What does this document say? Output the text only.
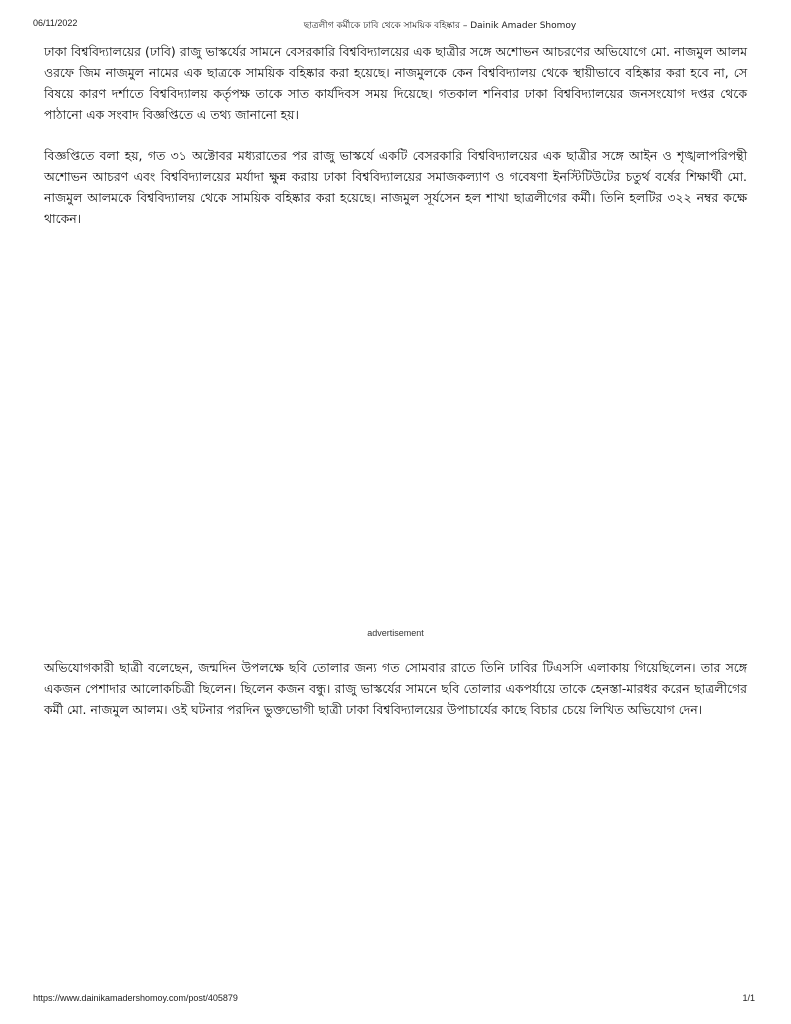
06/11/2022	ছাত্রলীগ কর্মীকে ঢাবি থেকে সাময়িক বহিষ্কার – Dainik Amader Shomoy

ঢাকা বিশ্ববিদ্যালয়ের (ঢাবি) রাজু ভাস্কর্যের সামনে বেসরকারি বিশ্ববিদ্যালয়ের এক ছাত্রীর সঙ্গে অশোভন আচরণের অভিযোগে মো. নাজমুল আলম ওরফে জিম নাজমুল নামের এক ছাত্রকে সাময়িক বহিষ্কার করা হয়েছে। নাজমুলকে কেন বিশ্ববিদ্যালয় থেকে স্থায়ীভাবে বহিষ্কার করা হবে না, সে বিষয়ে কারণ দর্শাতে বিশ্ববিদ্যালয় কর্তৃপক্ষ তাকে সাত কার্যদিবস সময় দিয়েছে। গতকাল শনিবার ঢাকা বিশ্ববিদ্যালয়ের জনসংযোগ দপ্তর থেকে পাঠানো এক সংবাদ বিজ্ঞপ্তিতে এ তথ্য জানানো হয়।

বিজ্ঞপ্তিতে বলা হয়, গত ৩১ অক্টোবর মধ্যরাতের পর রাজু ভাস্কর্যে একটি বেসরকারি বিশ্ববিদ্যালয়ের এক ছাত্রীর সঙ্গে আইন ও শৃঙ্খলাপরিপন্থী অশোভন আচরণ এবং বিশ্ববিদ্যালয়ের মর্যাদা ক্ষুন্ন করায় ঢাকা বিশ্ববিদ্যালয়ের সমাজকল্যাণ ও গবেষণা ইনস্টিটিউটের চতুর্থ বর্ষের শিক্ষার্থী মো. নাজমুল আলমকে বিশ্ববিদ্যালয় থেকে সাময়িক বহিষ্কার করা হয়েছে। নাজমুল সূর্যসেন হল শাখা ছাত্রলীগের কর্মী। তিনি হলটির ৩২২ নম্বর কক্ষে থাকেন।

advertisement

অভিযোগকারী ছাত্রী বলেছেন, জন্মদিন উপলক্ষে ছবি তোলার জন্য গত সোমবার রাতে তিনি ঢাবির টিএসসি এলাকায় গিয়েছিলেন। তার সঙ্গে একজন পেশাদার আলোকচিত্রী ছিলেন। ছিলেন কজন বন্ধু। রাজু ভাস্কর্যের সামনে ছবি তোলার একপর্যায়ে তাকে হেনস্তা-মারধর করেন ছাত্রলীগের কর্মী মো. নাজমুল আলম। ওই ঘটনার পরদিন ভুক্তভোগী ছাত্রী ঢাকা বিশ্ববিদ্যালয়ের উপাচার্যের কাছে বিচার চেয়ে লিখিত অভিযোগ দেন।

https://www.dainikamadershomoy.com/post/405879	1/1
